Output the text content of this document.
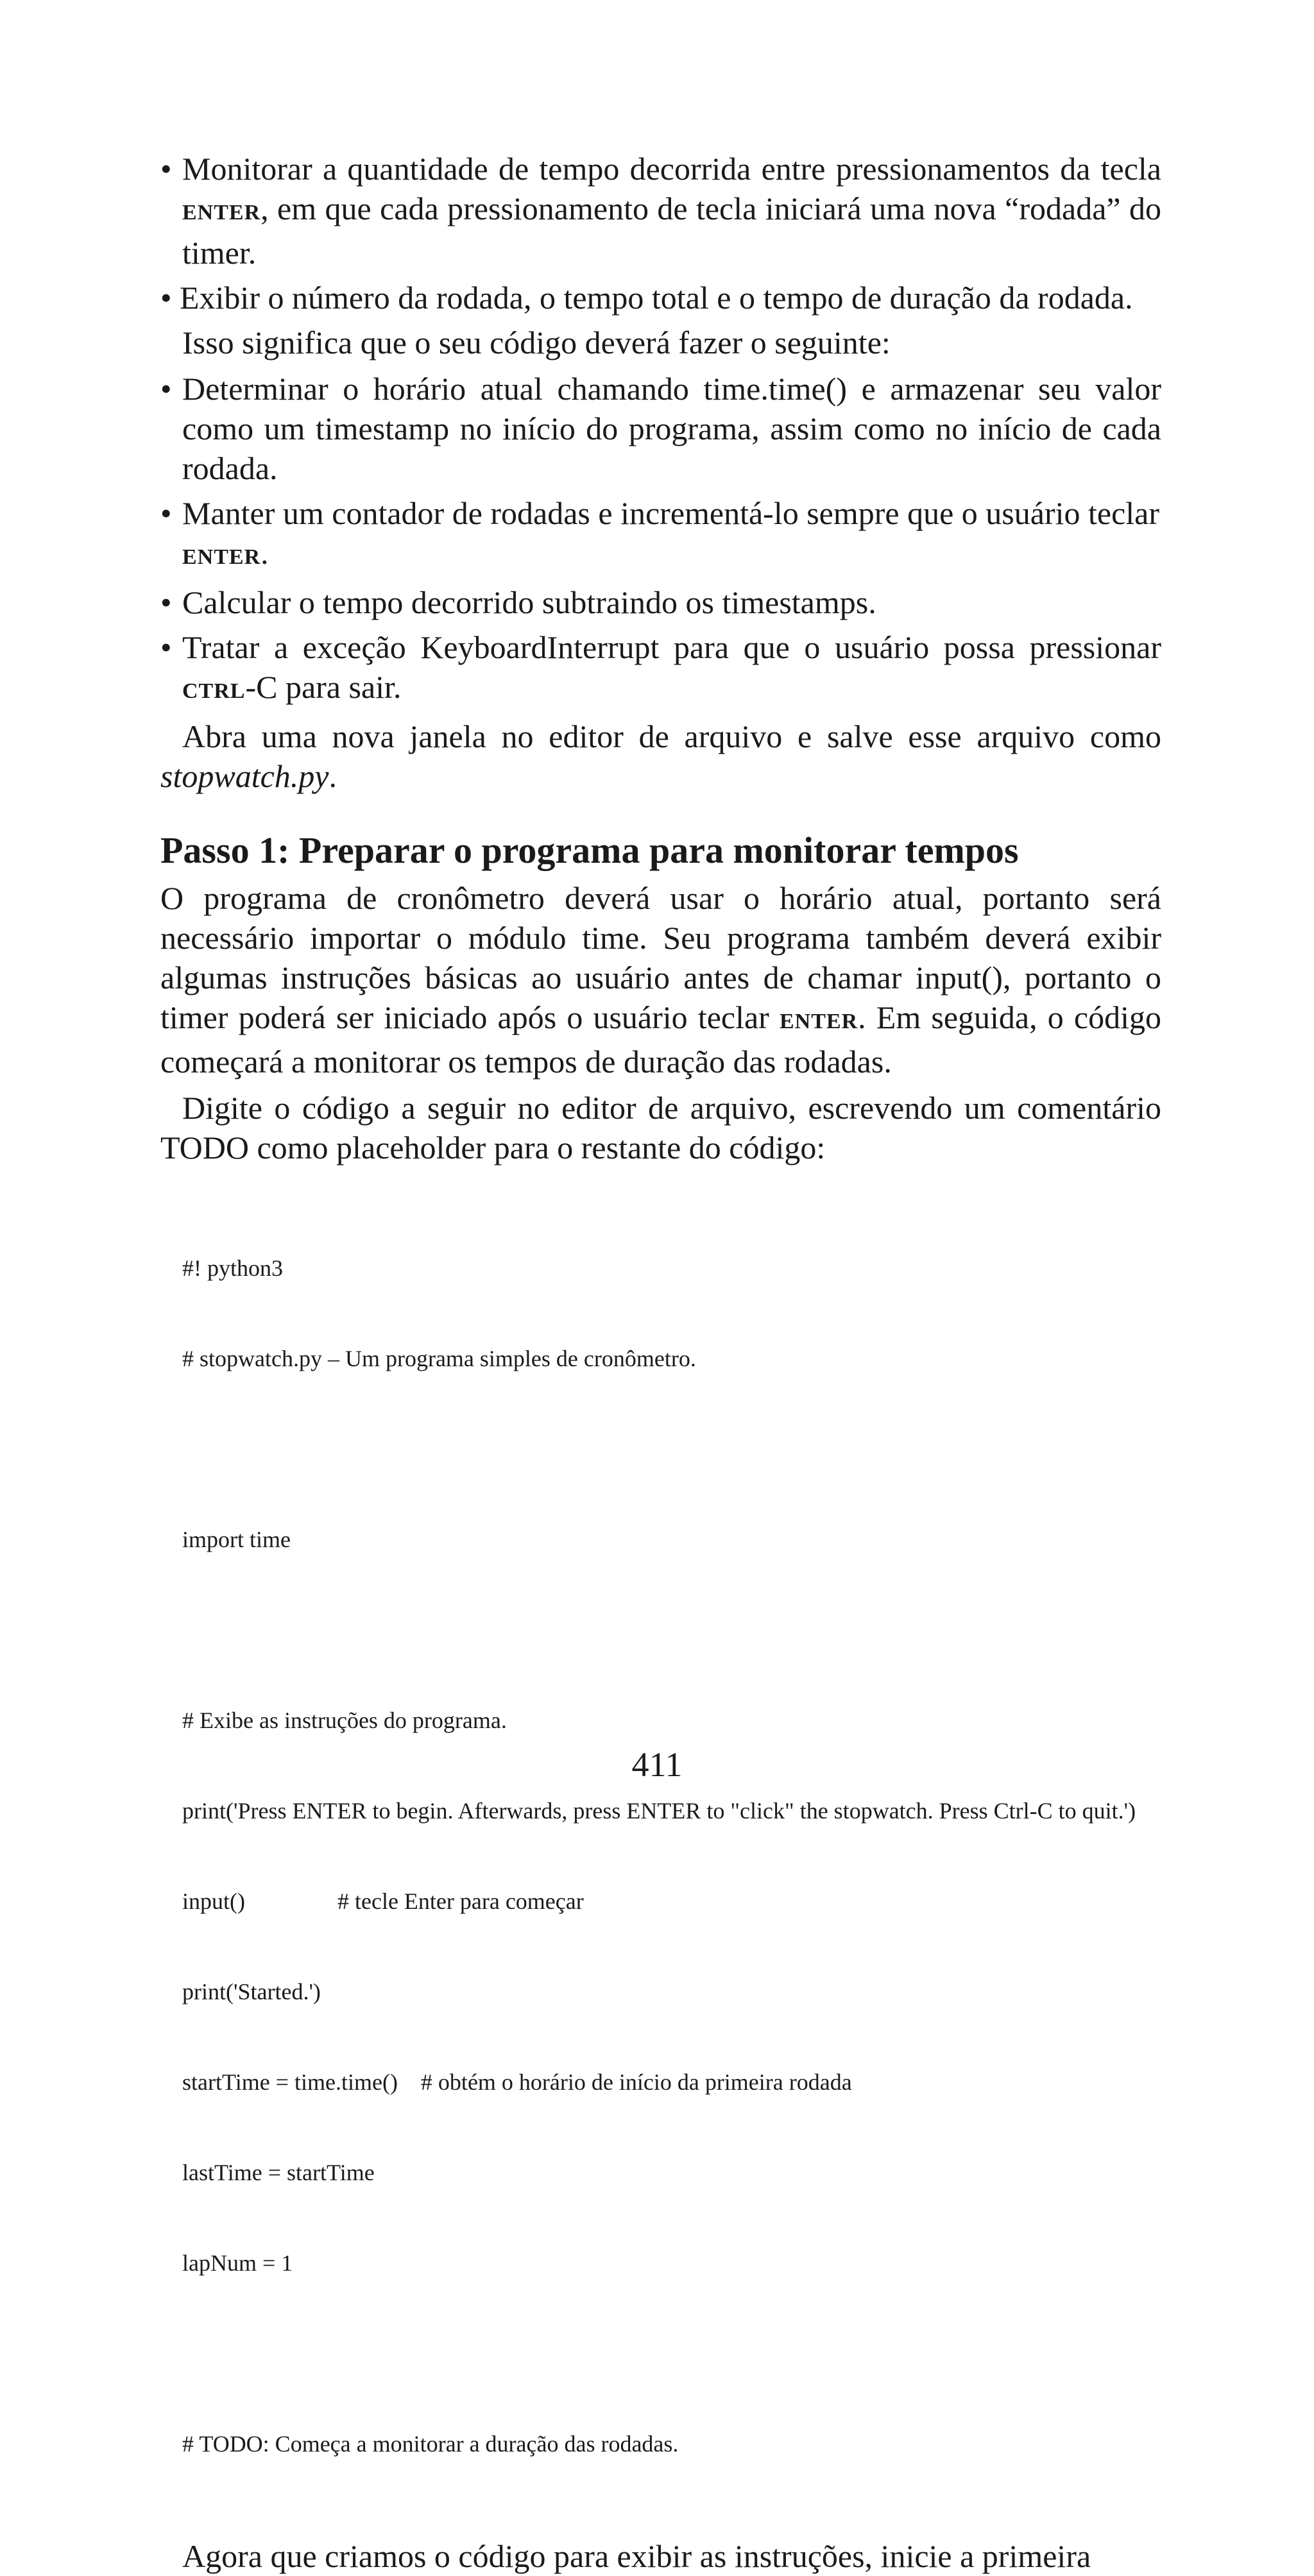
• Monitorar a quantidade de tempo decorrida entre pressionamentos da tecla ENTER, em que cada pressionamento de tecla iniciará uma nova “rodada” do timer.

• Exibir o número da rodada, o tempo total e o tempo de duração da rodada.

Isso significa que o seu código deverá fazer o seguinte:

• Determinar o horário atual chamando time.time() e armazenar seu valor como um timestamp no início do programa, assim como no início de cada rodada.

• Manter um contador de rodadas e incrementá-lo sempre que o usuário teclar
ENTER.

• Calcular o tempo decorrido subtraindo os timestamps.

• Tratar a exceção KeyboardInterrupt para que o usuário possa pressionar CTRL-C para sair.

Abra uma nova janela no editor de arquivo e salve esse arquivo como stopwatch.py.

Passo 1: Preparar o programa para monitorar tempos

O programa de cronômetro deverá usar o horário atual, portanto será necessário importar o módulo time. Seu programa também deverá exibir algumas instruções básicas ao usuário antes de chamar input(), portanto o timer poderá ser iniciado após o usuário teclar ENTER. Em seguida, o código começará a monitorar os tempos de duração das rodadas.

Digite o código a seguir no editor de arquivo, escrevendo um comentário TODO como placeholder para o restante do código:

#! python3

# stopwatch.py – Um programa simples de cronômetro.

import time

# Exibe as instruções do programa.

print('Press ENTER to begin. Afterwards, press ENTER to "click" the stopwatch. Press Ctrl-C to quit.')

input()                # tecle Enter para começar

print('Started.')

startTime = time.time()    # obtém o horário de início da primeira rodada

lastTime = startTime

lapNum = 1

# TODO: Começa a monitorar a duração das rodadas.

Agora que criamos o código para exibir as instruções, inicie a primeira

411
